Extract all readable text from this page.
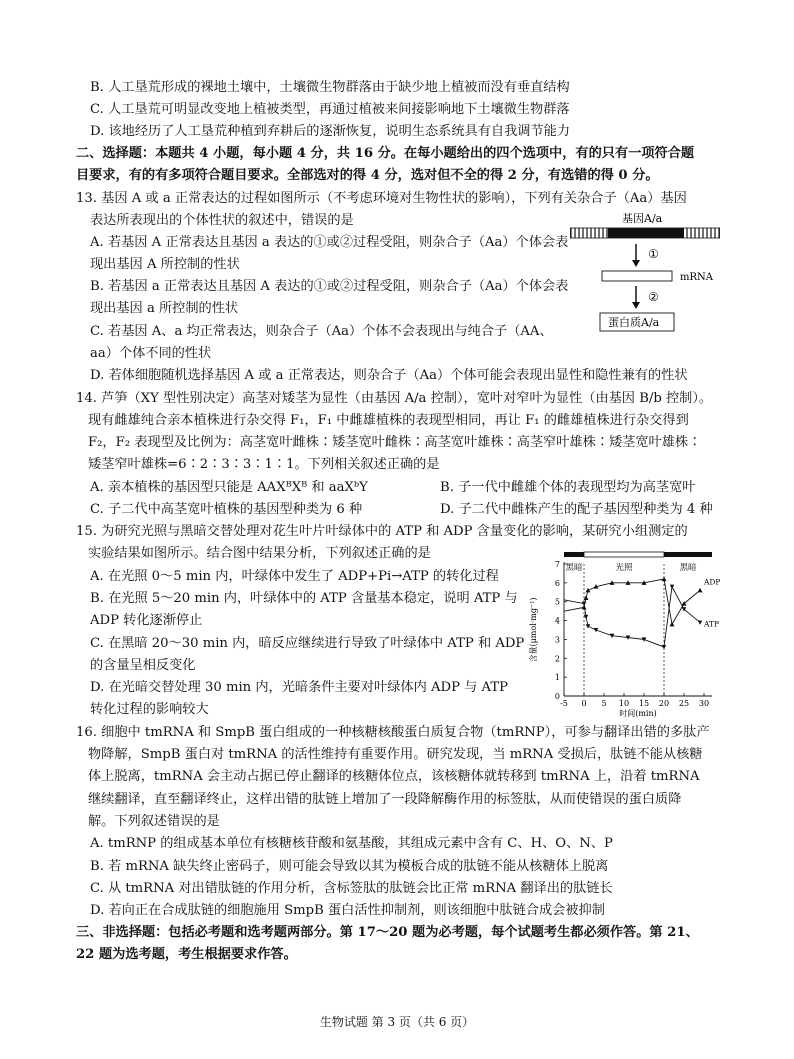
B. 人工垦荒形成的裸地土壤中，土壤微生物群落由于缺少地上植被而没有垂直结构
C. 人工垦荒可明显改变地上植被类型，再通过植被来间接影响地下土壤微生物群落
D. 该地经历了人工垦荒种植到弃耕后的逐渐恢复，说明生态系统具有自我调节能力
二、选择题：本题共 4 小题，每小题 4 分，共 16 分。在每小题给出的四个选项中，有的只有一项符合题
目要求，有的有多项符合题目要求。全部选对的得 4 分，选对但不全的得 2 分，有选错的得 0 分。
13. 基因 A 或 a 正常表达的过程如图所示（不考虑环境对生物性状的影响），下列有关杂合子（Aa）基因
表达所表现出的个体性状的叙述中，错误的是
A. 若基因 A 正常表达且基因 a 表达的①或②过程受阻，则杂合子（Aa）个体会表
现出基因 A 所控制的性状
B. 若基因 a 正常表达且基因 A 表达的①或②过程受阻，则杂合子（Aa）个体会表
现出基因 a 所控制的性状
C. 若基因 A、a 均正常表达，则杂合子（Aa）个体不会表现出与纯合子（AA、
aa）个体不同的性状
D. 若体细胞随机选择基因 A 或 a 正常表达，则杂合子（Aa）个体可能会表现出显性和隐性兼有的性状
基因A/a
①
mRNA
②
蛋白质A/a
14. 芦笋（XY 型性别决定）高茎对矮茎为显性（由基因 A/a 控制），宽叶对窄叶为显性（由基因 B/b 控制）。
现有雌雄纯合亲本植株进行杂交得 F₁，F₁ 中雌雄植株的表现型相同，再让 F₁ 的雌雄植株进行杂交得到
F₂，F₂ 表现型及比例为：高茎宽叶雌株∶矮茎宽叶雌株∶高茎宽叶雄株∶高茎窄叶雄株∶矮茎宽叶雄株∶
矮茎窄叶雄株=6∶2∶3∶3∶1∶1。下列相关叙述正确的是
A. 亲本植株的基因型只能是 AAXᴮXᴮ 和 aaXᵇY	B. 子一代中雌雄个体的表现型均为高茎宽叶
C. 子二代中高茎宽叶植株的基因型种类为 6 种	D. 子二代中雌株产生的配子基因型种类为 4 种
15. 为研究光照与黑暗交替处理对花生叶片叶绿体中的 ATP 和 ADP 含量变化的影响，某研究小组测定的
实验结果如图所示。结合图中结果分析，下列叙述正确的是
A. 在光照 0～5 min 内，叶绿体中发生了 ADP+Pi→ATP 的转化过程
B. 在光照 5～20 min 内，叶绿体中的 ATP 含量基本稳定，说明 ATP 与
ADP 转化逐渐停止
C. 在黑暗 20～30 min 内，暗反应继续进行导致了叶绿体中 ATP 和 ADP
的含量呈相反变化
D. 在光暗交替处理 30 min 内，光暗条件主要对叶绿体内 ADP 与 ATP
转化过程的影响较大
黑暗	光照	黑暗
0
1
2
3
4
5
6
7
-5 0 5 10 15 20 25 30
时间(min)
含量(μmol·mg⁻¹)
ADP
ATP
16. 细胞中 tmRNA 和 SmpB 蛋白组成的一种核糖核酸蛋白质复合物（tmRNP），可参与翻译出错的多肽产
物降解，SmpB 蛋白对 tmRNA 的活性维持有重要作用。研究发现，当 mRNA 受损后，肽链不能从核糖
体上脱离，tmRNA 会主动占据已停止翻译的核糖体位点，该核糖体就转移到 tmRNA 上，沿着 tmRNA
继续翻译，直至翻译终止，这样出错的肽链上增加了一段降解酶作用的标签肽，从而使错误的蛋白质降
解。下列叙述错误的是
A. tmRNP 的组成基本单位有核糖核苷酸和氨基酸，其组成元素中含有 C、H、O、N、P
B. 若 mRNA 缺失终止密码子，则可能会导致以其为模板合成的肽链不能从核糖体上脱离
C. 从 tmRNA 对出错肽链的作用分析，含标签肽的肽链会比正常 mRNA 翻译出的肽链长
D. 若向正在合成肽链的细胞施用 SmpB 蛋白活性抑制剂，则该细胞中肽链合成会被抑制
三、非选择题：包括必考题和选考题两部分。第 17～20 题为必考题，每个试题考生都必须作答。第 21、
22 题为选考题，考生根据要求作答。
生物试题 第 3 页（共 6 页）
